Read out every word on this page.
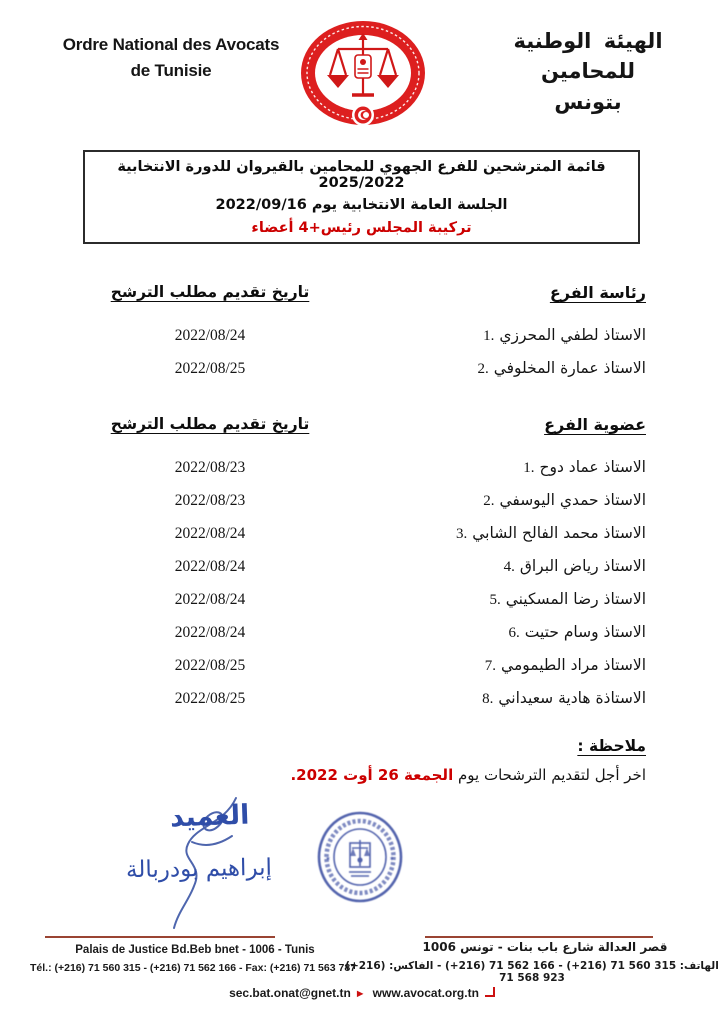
Ordre National des Avocats
de Tunisie
الهيئة الوطنية للمحامين
بتونس
قائمة المترشحين للفرع الجهوي للمحامين بالقيروان للدورة الانتخابية 2025/2022
الجلسة العامة الانتخابية يوم 2022/09/16
تركيبة المجلس رئيس+4 أعضاء
تاريخ تقديم مطلب الترشح	رئاسة الفرع
2022/08/24	1. الاستاذ لطفي المحرزي
2022/08/25	2. الاستاذ عمارة المخلوفي
تاريخ تقديم مطلب الترشح	عضوية الفرع
2022/08/23	1. الاستاذ عماد دوح
2022/08/23	2. الاستاذ حمدي اليوسفي
2022/08/24	3. الاستاذ محمد الفالح الشابي
2022/08/24	4. الاستاذ رياض البراق
2022/08/24	5. الاستاذ رضا المسكيني
2022/08/24	6. الاستاذ وسام حتيت
2022/08/25	7. الاستاذ مراد الطيمومي
2022/08/25	8. الاستاذة هادية سعيداني
ملاحظة :
اخر أجل لتقديم الترشحات يوم الجمعة 26 أوت 2022.
العميد
إبراهيم بودربالة	✶	✶
Palais de Justice Bd.Beb bnet - 1006 - Tunis
Tél.: (+216) 71 560 315 - (+216) 71 562 166 - Fax: (+216) 71 563 787
قصر العدالة شارع باب بنات - تونس 1006
الهاتف: ‎(+216) 71 562 166‎ - ‎(+216) 71 560 315‎ - الفاكس: ‎(+216) 71 568 923‎
sec.bat.onat@gnet.tn ► www.avocat.org.tn
